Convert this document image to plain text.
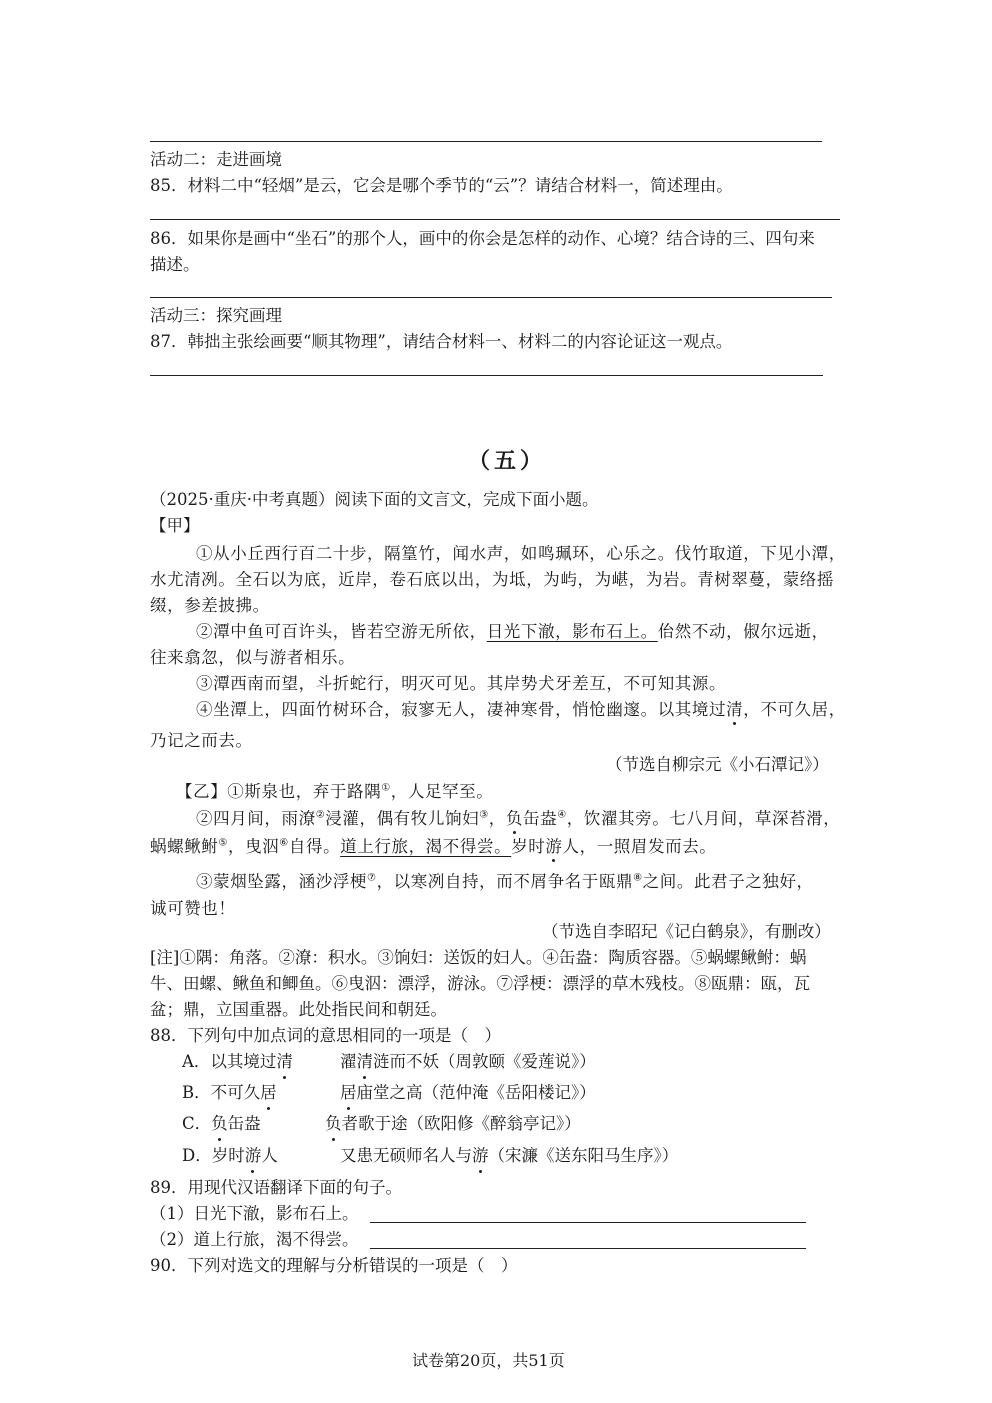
活动二：走进画境
85．材料二中“轻烟”是云，它会是哪个季节的“云”？请结合材料一，简述理由。
86．如果你是画中“坐石”的那个人，画中的你会是怎样的动作、心境？结合诗的三、四句来
描述。
活动三：探究画理
87．韩拙主张绘画要“顺其物理”，请结合材料一、材料二的内容论证这一观点。
（五）
（2025·重庆·中考真题）阅读下面的文言文，完成下面小题。
【甲】
①从小丘西行百二十步，隔篁竹，闻水声，如鸣珮环，心乐之。伐竹取道，下见小潭，
水尤清冽。全石以为底，近岸，卷石底以出，为坻，为屿，为嵁，为岩。青树翠蔓，蒙络摇
缀，参差披拂。
②潭中鱼可百许头，皆若空游无所依，日光下澈，影布石上。佁然不动，俶尔远逝，
往来翕忽，似与游者相乐。
③潭西南而望，斗折蛇行，明灭可见。其岸势犬牙差互，不可知其源。
④坐潭上，四面竹树环合，寂寥无人，凄神寒骨，悄怆幽邃。以其境过清，不可久居，
乃记之而去。
（节选自柳宗元《小石潭记》）
【乙】①斯泉也，弃于路隅①，人足罕至。
②四月间，雨潦②浸灌，偶有牧儿饷妇③，负缶盎④，饮濯其旁。七八月间，草深苔滑，
蜗螺鳅鲋⑤，曳泅⑥自得。道上行旅，渴不得尝。岁时游人，一照眉发而去。
③蒙烟坠露，涵沙浮梗⑦，以寒冽自持，而不屑争名于瓯鼎⑧之间。此君子之独好，
诚可赞也！
（节选自李昭玘《记白鹤泉》，有删改）
[注]①隅：角落。②潦：积水。③饷妇：送饭的妇人。④缶盎：陶质容器。⑤蜗螺鳅鲋：蜗
牛、田螺、鳅鱼和鲫鱼。⑥曳泅：漂浮，游泳。⑦浮梗：漂浮的草木残枝。⑧瓯鼎：瓯，瓦
盆；鼎，立国重器。此处指民间和朝廷。
88．下列句中加点词的意思相同的一项是（　）
A．以其境过清	濯清涟而不妖（周敦颐《爱莲说》）
B．不可久居	居庙堂之高（范仲淹《岳阳楼记》）
C．负缶盎	负者歌于途（欧阳修《醉翁亭记》）
D．岁时游人	又患无硕师名人与游（宋濂《送东阳马生序》）
89．用现代汉语翻译下面的句子。
（1）日光下澈，影布石上。
（2）道上行旅，渴不得尝。
90．下列对选文的理解与分析错误的一项是（　）
试卷第20页，共51页
